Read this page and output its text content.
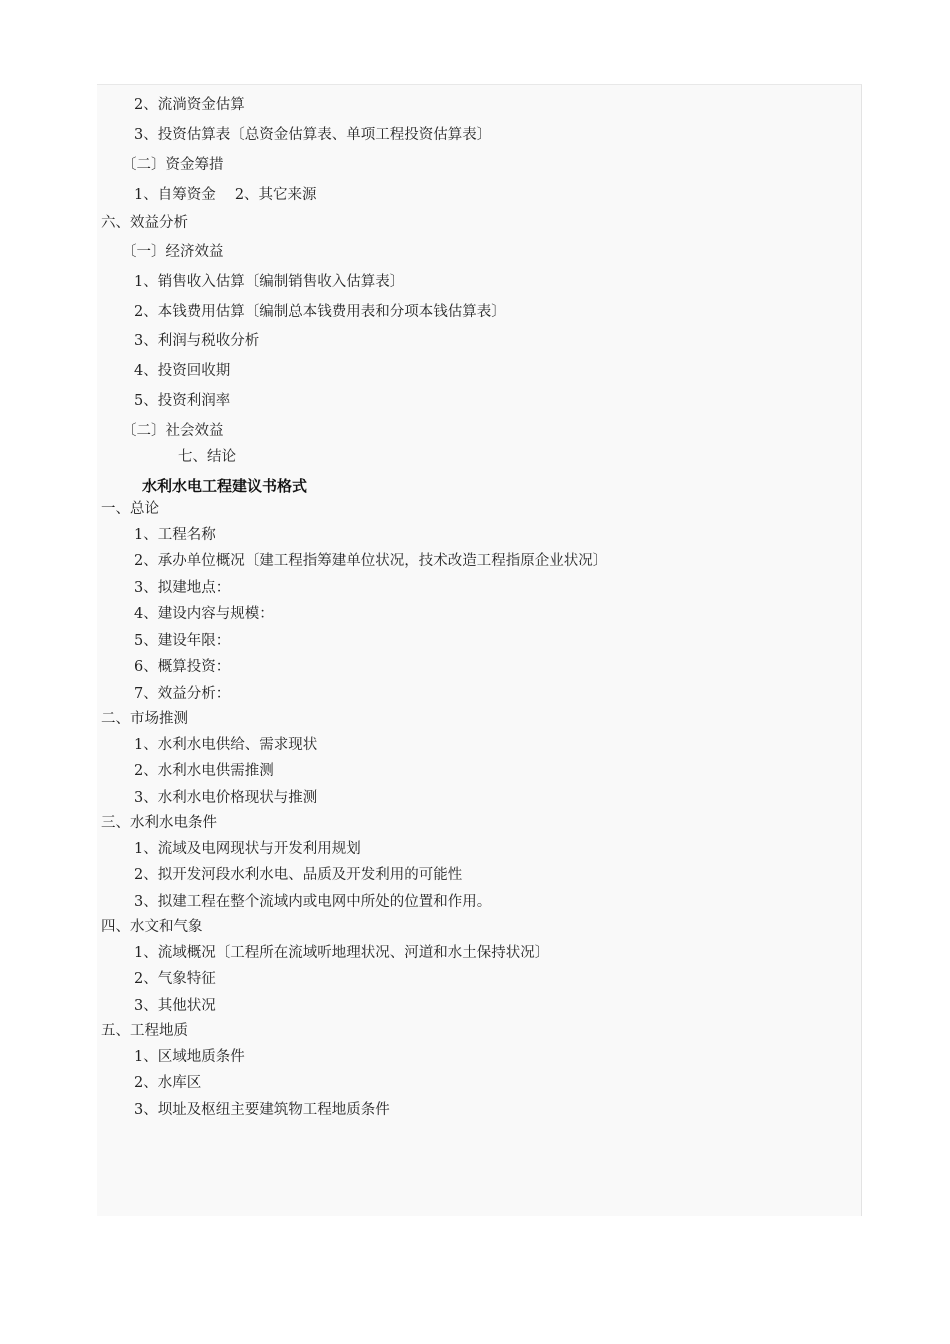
2、流淌资金估算
3、投资估算表〔总资金估算表、单项工程投资估算表〕
〔二〕资金筹措
1、自筹资金　 2、其它来源
六、效益分析
〔一〕经济效益
1、销售收入估算〔编制销售收入估算表〕
2、本钱费用估算〔编制总本钱费用表和分项本钱估算表〕
3、利润与税收分析
4、投资回收期
5、投资利润率
〔二〕社会效益
七、结论
水利水电工程建议书格式
一、总论
1、工程名称
2、承办单位概况〔建工程指筹建单位状况，技术改造工程指原企业状况〕
3、拟建地点：
4、建设内容与规模：
5、建设年限：
6、概算投资：
7、效益分析：
二、市场推测
1、水利水电供给、需求现状
2、水利水电供需推测
3、水利水电价格现状与推测
三、水利水电条件
1、流域及电网现状与开发利用规划
2、拟开发河段水利水电、品质及开发利用的可能性
3、拟建工程在整个流域内或电网中所处的位置和作用。
四、水文和气象
1、流域概况〔工程所在流域听地理状况、河道和水土保持状况〕
2、气象特征
3、其他状况
五、工程地质
1、区域地质条件
2、水库区
3、坝址及枢纽主要建筑物工程地质条件
